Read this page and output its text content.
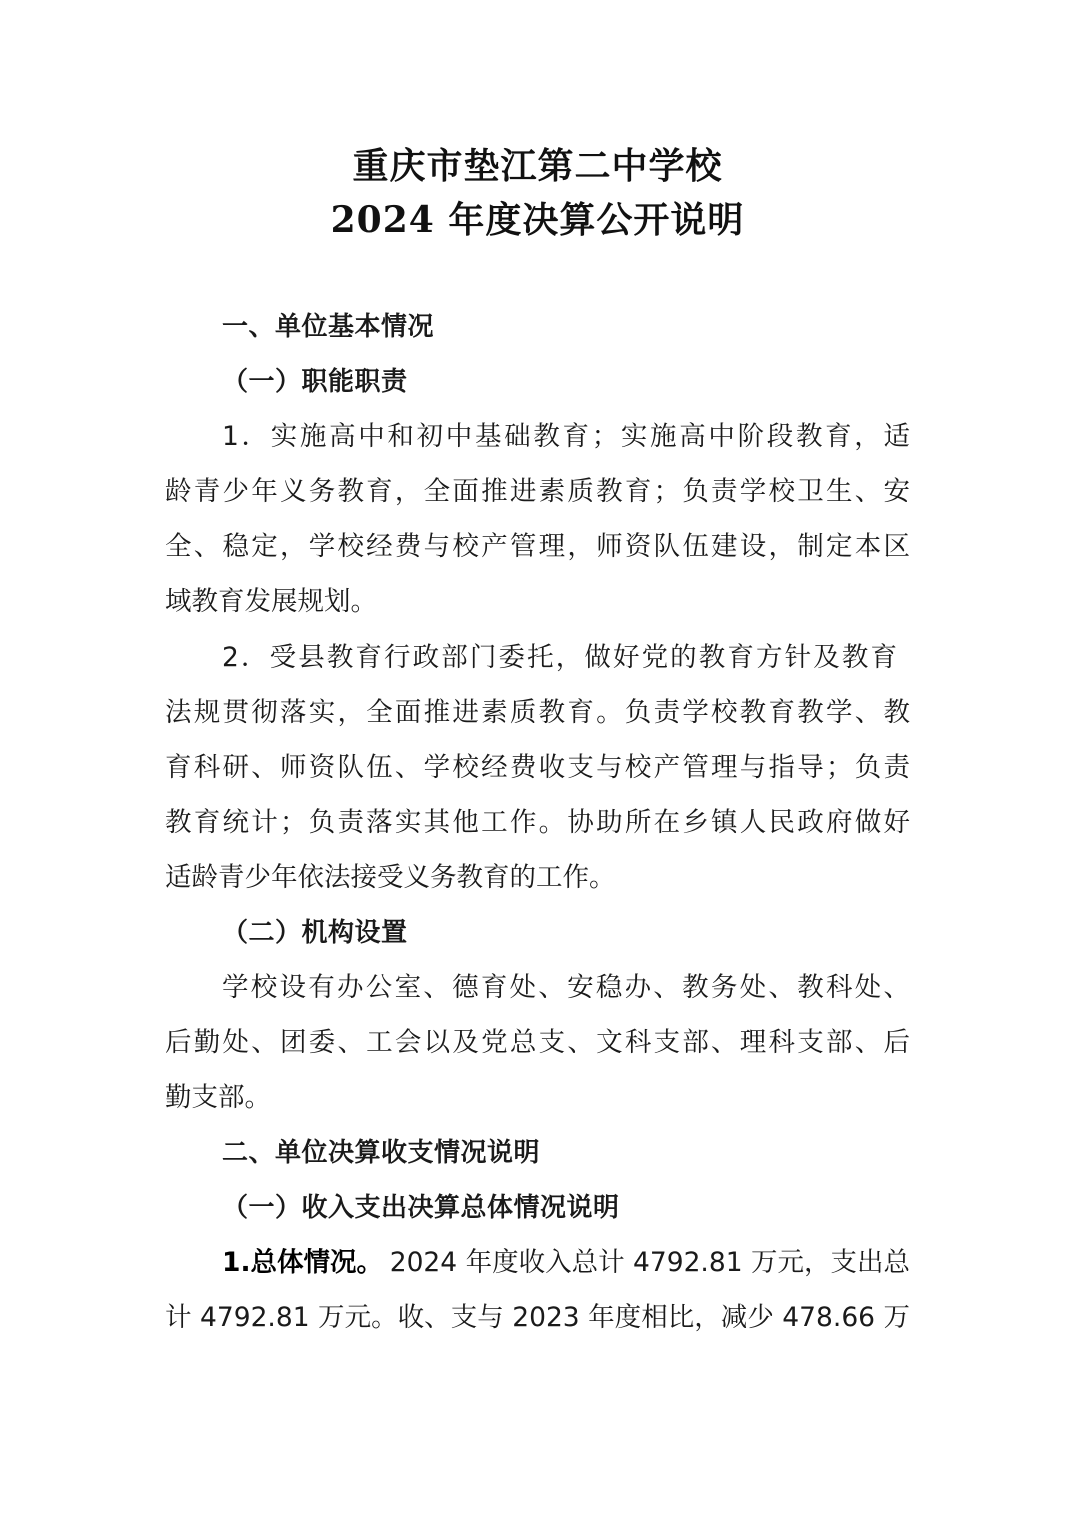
重庆市垫江第二中学校
2024 年度决算公开说明
一、单位基本情况
（一）职能职责
1．实施高中和初中基础教育；实施高中阶段教育，适
龄青少年义务教育，全面推进素质教育；负责学校卫生、安
全、稳定，学校经费与校产管理，师资队伍建设，制定本区
域教育发展规划。
2．受县教育行政部门委托，做好党的教育方针及教育
法规贯彻落实，全面推进素质教育。负责学校教育教学、教
育科研、师资队伍、学校经费收支与校产管理与指导；负责
教育统计；负责落实其他工作。协助所在乡镇人民政府做好
适龄青少年依法接受义务教育的工作。
（二）机构设置
学校设有办公室、德育处、安稳办、教务处、教科处、
后勤处、团委、工会以及党总支、文科支部、理科支部、后
勤支部。
二、单位决算收支情况说明
（一）收入支出决算总体情况说明
1.总体情况。 2024 年度收入总计 4792.81 万元，支出总
计 4792.81 万元。收、支与 2023 年度相比，减少 478.66 万
